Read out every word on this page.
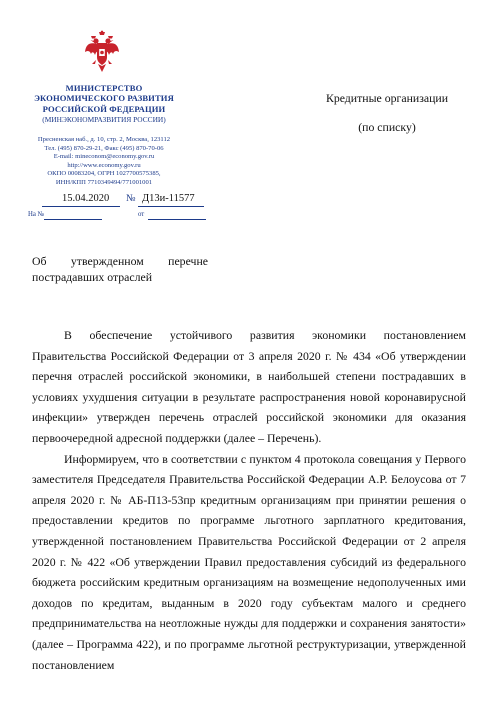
МИНИСТЕРСТВО
ЭКОНОМИЧЕСКОГО РАЗВИТИЯ
РОССИЙСКОЙ ФЕДЕРАЦИИ
(МИНЭКОНОМРАЗВИТИЯ РОССИИ)
Пресненская наб., д. 10, стр. 2, Москва, 123112
Тел. (495) 870-29-21, Факс (495) 870-70-06
E-mail: mineconom@economy.gov.ru
http://www.economy.gov.ru
ОКПО 00083204, ОГРН 1027700575385,
ИНН/КПП 7710349494/771001001
15.04.2020 № Д13и-11577
На №	от
Кредитные организации
(по списку)
Об утвержденном перечне
пострадавших отраслей

В обеспечение устойчивого развития экономики постановлением Правительства Российской Федерации от 3 апреля 2020 г. № 434 «Об утверждении перечня отраслей российской экономики, в наибольшей степени пострадавших в условиях ухудшения ситуации в результате распространения новой коронавирусной инфекции» утвержден перечень отраслей российской экономики для оказания первоочередной адресной поддержки (далее – Перечень).

Информируем, что в соответствии с пунктом 4 протокола совещания у Первого заместителя Председателя Правительства Российской Федерации А.Р. Белоусова от 7 апреля 2020 г. № АБ-П13-53пр кредитным организациям при принятии решения о предоставлении кредитов по программе льготного зарплатного кредитования, утвержденной постановлением Правительства Российской Федерации от 2 апреля 2020 г. № 422 «Об утверждении Правил предоставления субсидий из федерального бюджета российским кредитным организациям на возмещение недополученных ими доходов по кредитам, выданным в 2020 году субъектам малого и среднего предпринимательства на неотложные нужды для поддержки и сохранения занятости» (далее – Программа 422), и по программе льготной реструктуризации, утвержденной постановлением
